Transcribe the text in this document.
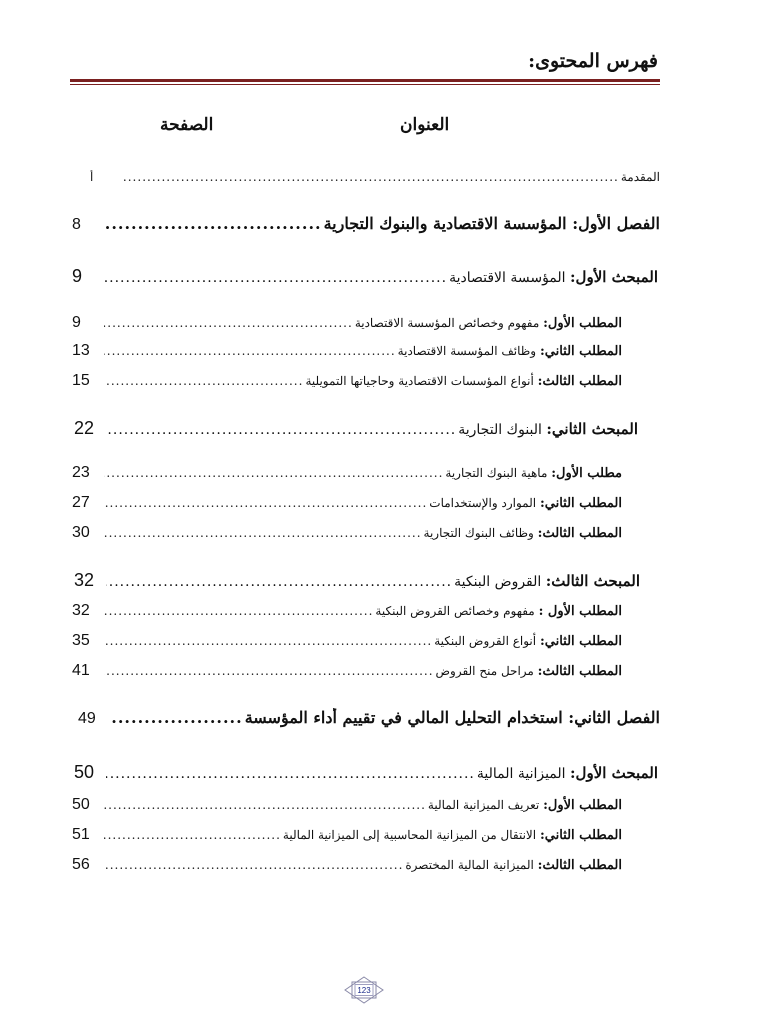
فهرس المحتوى:
العنوان
الصفحة
المقدمة
.....
أ
الفصل الأول: المؤسسة الاقتصادية والبنوك التجارية
.....
8
المبحث الأول: المؤسسة الاقتصادية
.....
9
المطلب الأول: مفهوم وخصائص المؤسسة الاقتصادية
.....
9
المطلب الثاني: وظائف المؤسسة الاقتصادية
.....
13
المطلب الثالث: أنواع المؤسسات الاقتصادية وحاجياتها التمويلية
.....
15
المبحث الثاني: البنوك التجارية
.....
22
مطلب الأول: ماهية البنوك التجارية
.....
23
المطلب الثاني: الموارد والإستخدامات
.....
27
المطلب الثالث: وظائف البنوك التجارية
.....
30
المبحث الثالث: القروض البنكية
.....
32
المطلب الأول : مفهوم وخصائص القروض البنكية
.....
32
المطلب الثاني: أنواع القروض البنكية
.....
35
المطلب الثالث: مراحل منح القروض
.....
41
الفصل الثاني: استخدام التحليل المالي في تقييم أداء المؤسسة
.....
49
المبحث الأول: الميزانية المالية
.....
50
المطلب الأول: تعريف الميزانية المالية
.....
50
المطلب الثاني: الانتقال من الميزانية المحاسبية إلى الميزانية المالية
.....
51
المطلب الثالث: الميزانية المالية المختصرة
.....
56
123
